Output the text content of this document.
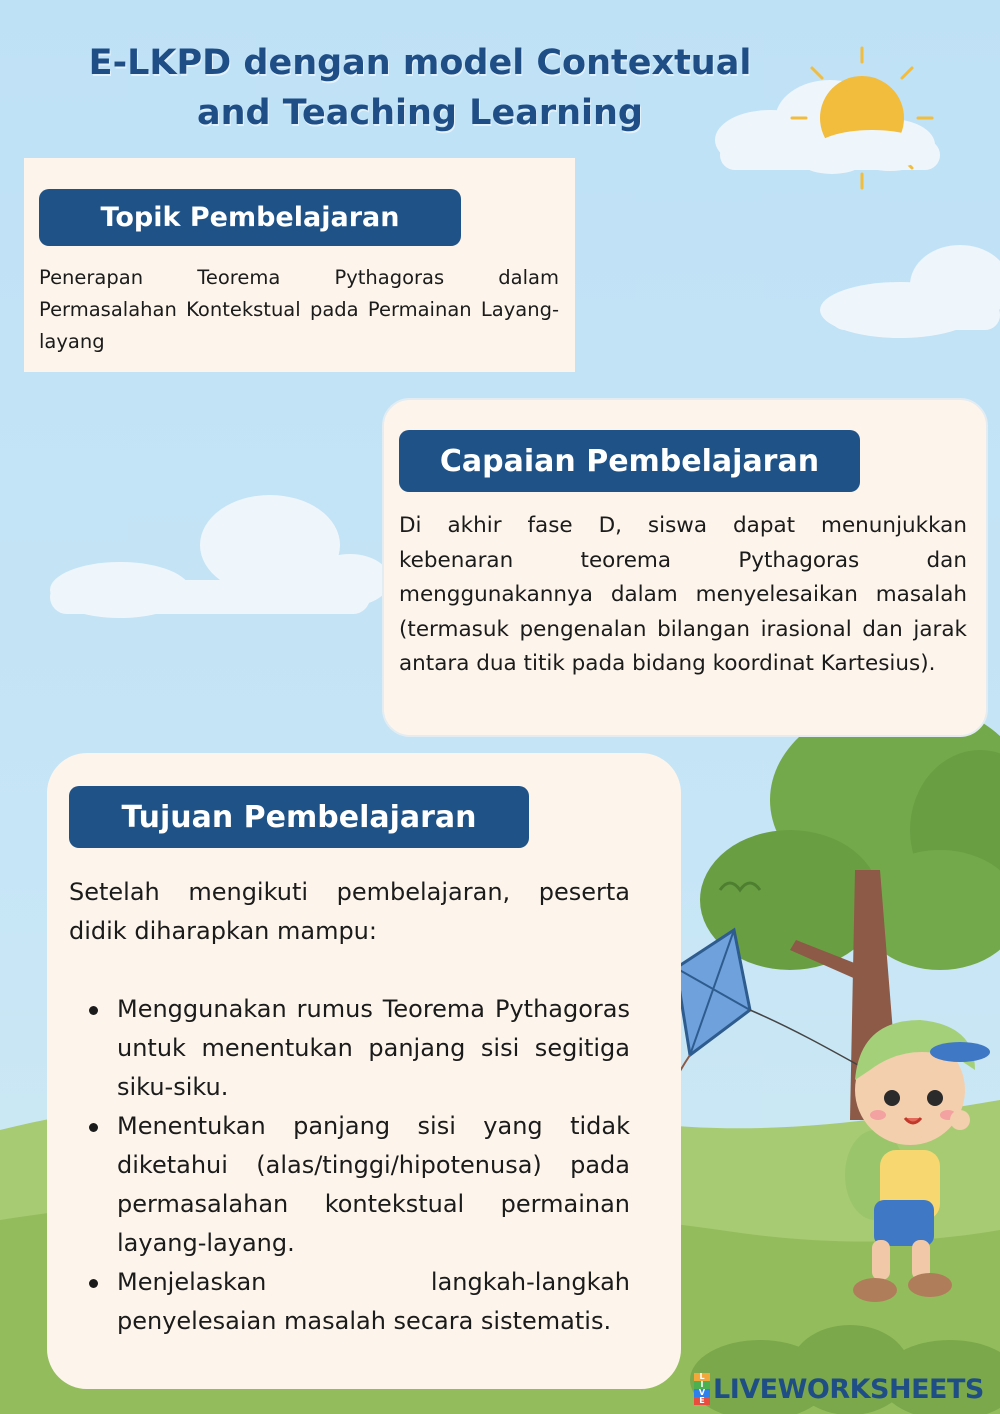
E-LKPD dengan model Contextual
and Teaching Learning
Topik Pembelajaran

Penerapan Teorema Pythagoras dalam Permasalahan Kontekstual pada Permainan Layang-layang

Capaian Pembelajaran

Di akhir fase D, siswa dapat menunjukkan kebenaran teorema Pythagoras dan menggunakannya dalam menyelesaikan masalah (termasuk pengenalan bilangan irasional dan jarak antara dua titik pada bidang koordinat Kartesius).

Tujuan Pembelajaran

Setelah mengikuti pembelajaran, peserta didik diharapkan mampu:

Menggunakan rumus Teorema Pythagoras untuk menentukan panjang sisi segitiga siku-siku.
Menentukan panjang sisi yang tidak diketahui (alas/tinggi/hipotenusa) pada permasalahan kontekstual permainan layang-layang.
Menjelaskan langkah-langkah penyelesaian masalah secara sistematis.
L
I
V
E LIVEWORKSHEETS
